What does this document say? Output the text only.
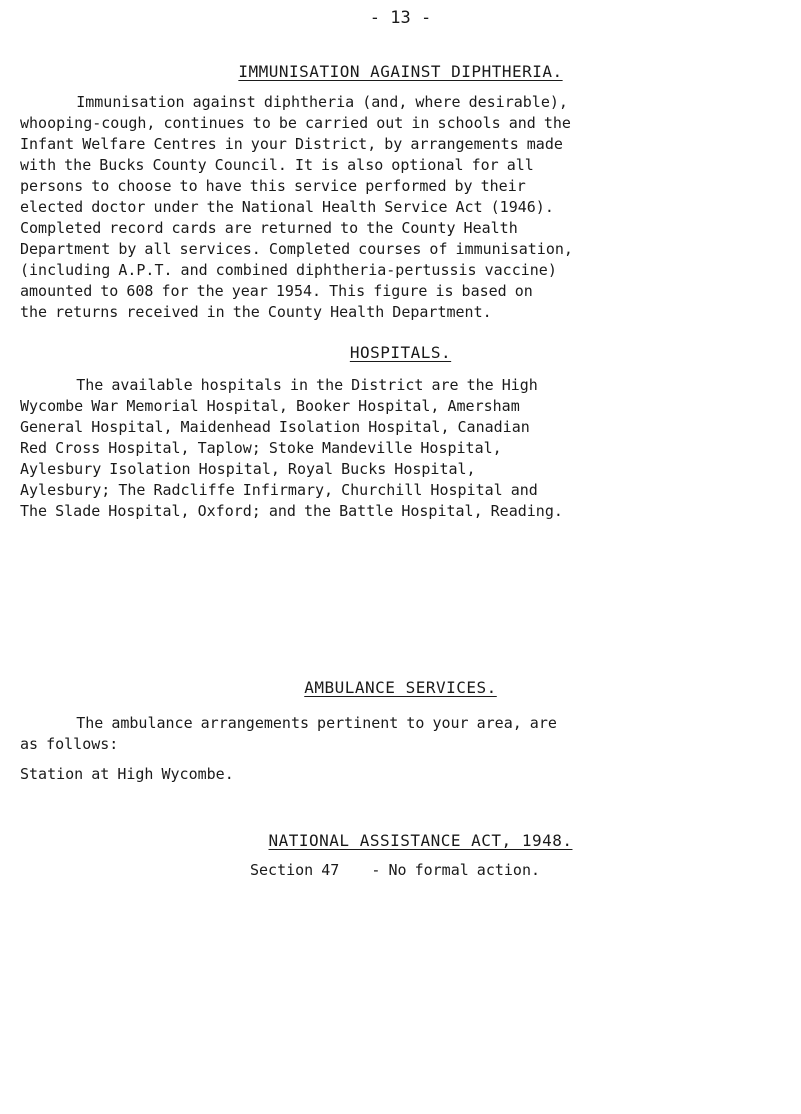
- 13 -
IMMUNISATION AGAINST DIPHTHERIA.

Immunisation against diphtheria (and, where desirable),
whooping-cough, continues to be carried out in schools and the
Infant Welfare Centres in your District, by arrangements made
with the Bucks County Council. It is also optional for all
persons to choose to have this service performed by their
elected doctor under the National Health Service Act (1946).
Completed record cards are returned to the County Health
Department by all services. Completed courses of immunisation,
(including A.P.T. and combined diphtheria-pertussis vaccine)
amounted to 608 for the year 1954. This figure is based on
the returns received in the County Health Department.

HOSPITALS.

The available hospitals in the District are the High
Wycombe War Memorial Hospital, Booker Hospital, Amersham
General Hospital, Maidenhead Isolation Hospital, Canadian
Red Cross Hospital, Taplow; Stoke Mandeville Hospital,
Aylesbury Isolation Hospital, Royal Bucks Hospital,
Aylesbury; The Radcliffe Infirmary, Churchill Hospital and
The Slade Hospital, Oxford; and the Battle Hospital, Reading.

AMBULANCE SERVICES.

The ambulance arrangements pertinent to your area, are
as follows:

Station at High Wycombe.

NATIONAL ASSISTANCE ACT, 1948.

Section 47    - No formal action.
